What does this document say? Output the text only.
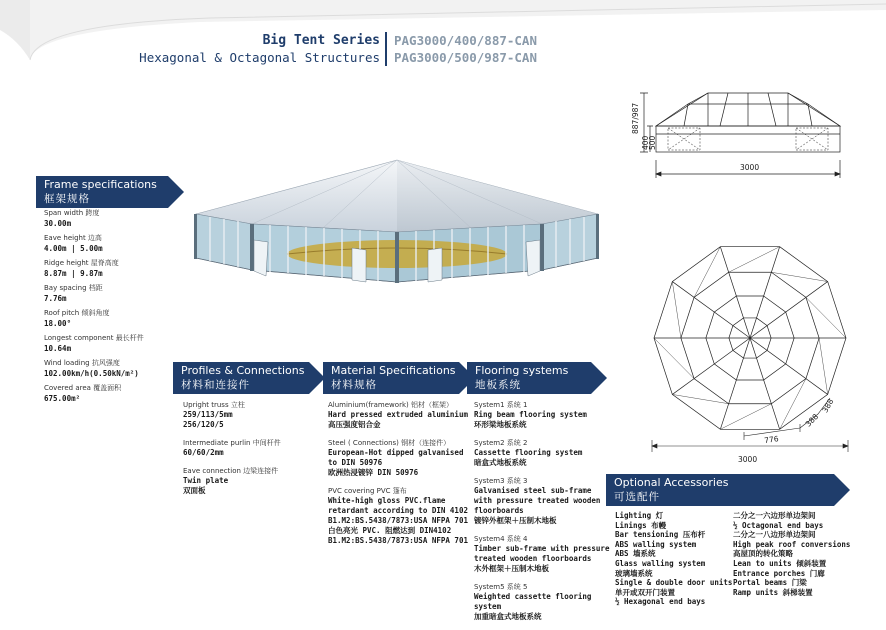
Big Tent Series
Hexagonal & Octagonal Structures
PAG3000/400/887-CAN
PAG3000/500/987-CAN
Frame specifications
框架规格
Span width 跨度
30.00m
Eave height 边高
4.00m | 5.00m
Ridge height 屋脊高度
8.87m | 9.87m
Bay spacing 档距
7.76m
Roof pitch 倾斜角度
18.00°
Longest component 最长杆件
10.64m
Wind loading 抗风强度
102.00km/h(0.50kN/m²)
Covered area 覆盖面积
675.00m²
Profiles & Connections
材料和连接件
Upright truss 立柱
259/113/5mm
256/120/5
Intermediate purlin 中间杆件
60/60/2mm
Eave connection 边梁连接件
Twin plate
双面板
Material Specifications
材料规格
Aluminium(framework) 铝材（框架）
Hard pressed extruded aluminium
高压强度铝合金
Steel ( Connections) 钢材（连接件）
European-Hot dipped galvanised
to DIN 50976
欧洲热浸镀锌 DIN 50976
PVC covering PVC 篷布
White-high gloss PVC.flame
retardant according to DIN 4102
B1.M2:BS.5438/7873:USA NFPA 701
白色亮光 PVC. 阻燃达到 DIN4102
B1.M2:BS.5438/7873:USA NFPA 701
Flooring systems
地板系统
System1 系统 1
Ring beam flooring system
环形梁地板系统
System2 系统 2
Cassette flooring system
暗盒式地板系统
System3 系统 3
Galvanised steel sub-frame
with pressure treated wooden
floorboards
镀锌外框架＋压制木地板
System4 系统 4
Timber sub-frame with pressure
treated wooden floorboards
木外框架＋压制木地板
System5 系统 5
Weighted cassette flooring
system
加重暗盒式地板系统
Optional Accessories
可选配件
Lighting 灯
Linings 布幔
Bar tensioning 压布杆
ABS walling system
ABS 墙系统
Glass walling system
玻璃墙系统
Single & double door units
单开或双开门装置
½ Hexagonal end bays
二分之一六边形单边架间
½ Octagonal end bays
二分之一八边形单边架间
High peak roof conversions
高屋顶的转化策略
Lean to units 倾斜装置
Entrance porches 门廊
Portal beams 门梁
Ramp units 斜梯装置
887/987
400
500
3000
776
388
388
3000
